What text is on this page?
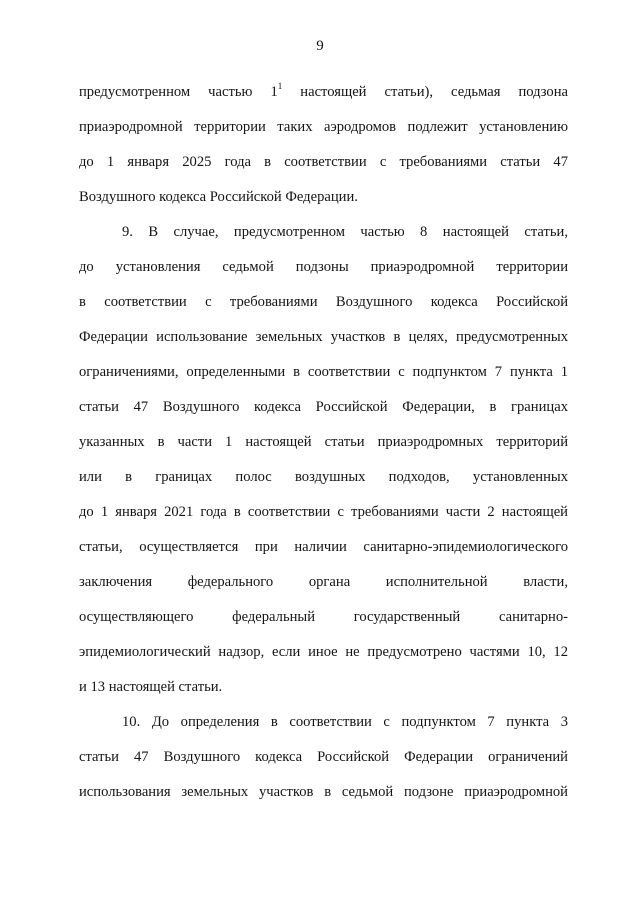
9

предусмотренном частью $1^1$ настоящей статьи), седьмая подзона

приаэродромной территории таких аэродромов подлежит установлению

до 1 января 2025 года в соответствии с требованиями статьи 47

Воздушного кодекса Российской Федерации.

9. В случае, предусмотренном частью 8 настоящей статьи,

до установления седьмой подзоны приаэродромной территории

в соответствии с требованиями Воздушного кодекса Российской

Федерации использование земельных участков в целях, предусмотренных

ограничениями, определенными в соответствии с подпунктом 7 пункта 1

статьи 47 Воздушного кодекса Российской Федерации, в границах

указанных в части 1 настоящей статьи приаэродромных территорий

или в границах полос воздушных подходов, установленных

до 1 января 2021 года в соответствии с требованиями части 2 настоящей

статьи, осуществляется при наличии санитарно-эпидемиологического

заключения федерального органа исполнительной власти,

осуществляющего федеральный государственный санитарно-

эпидемиологический надзор, если иное не предусмотрено частями 10, 12

и 13 настоящей статьи.

10. До определения в соответствии с подпунктом 7 пункта 3

статьи 47 Воздушного кодекса Российской Федерации ограничений

использования земельных участков в седьмой подзоне приаэродромной
